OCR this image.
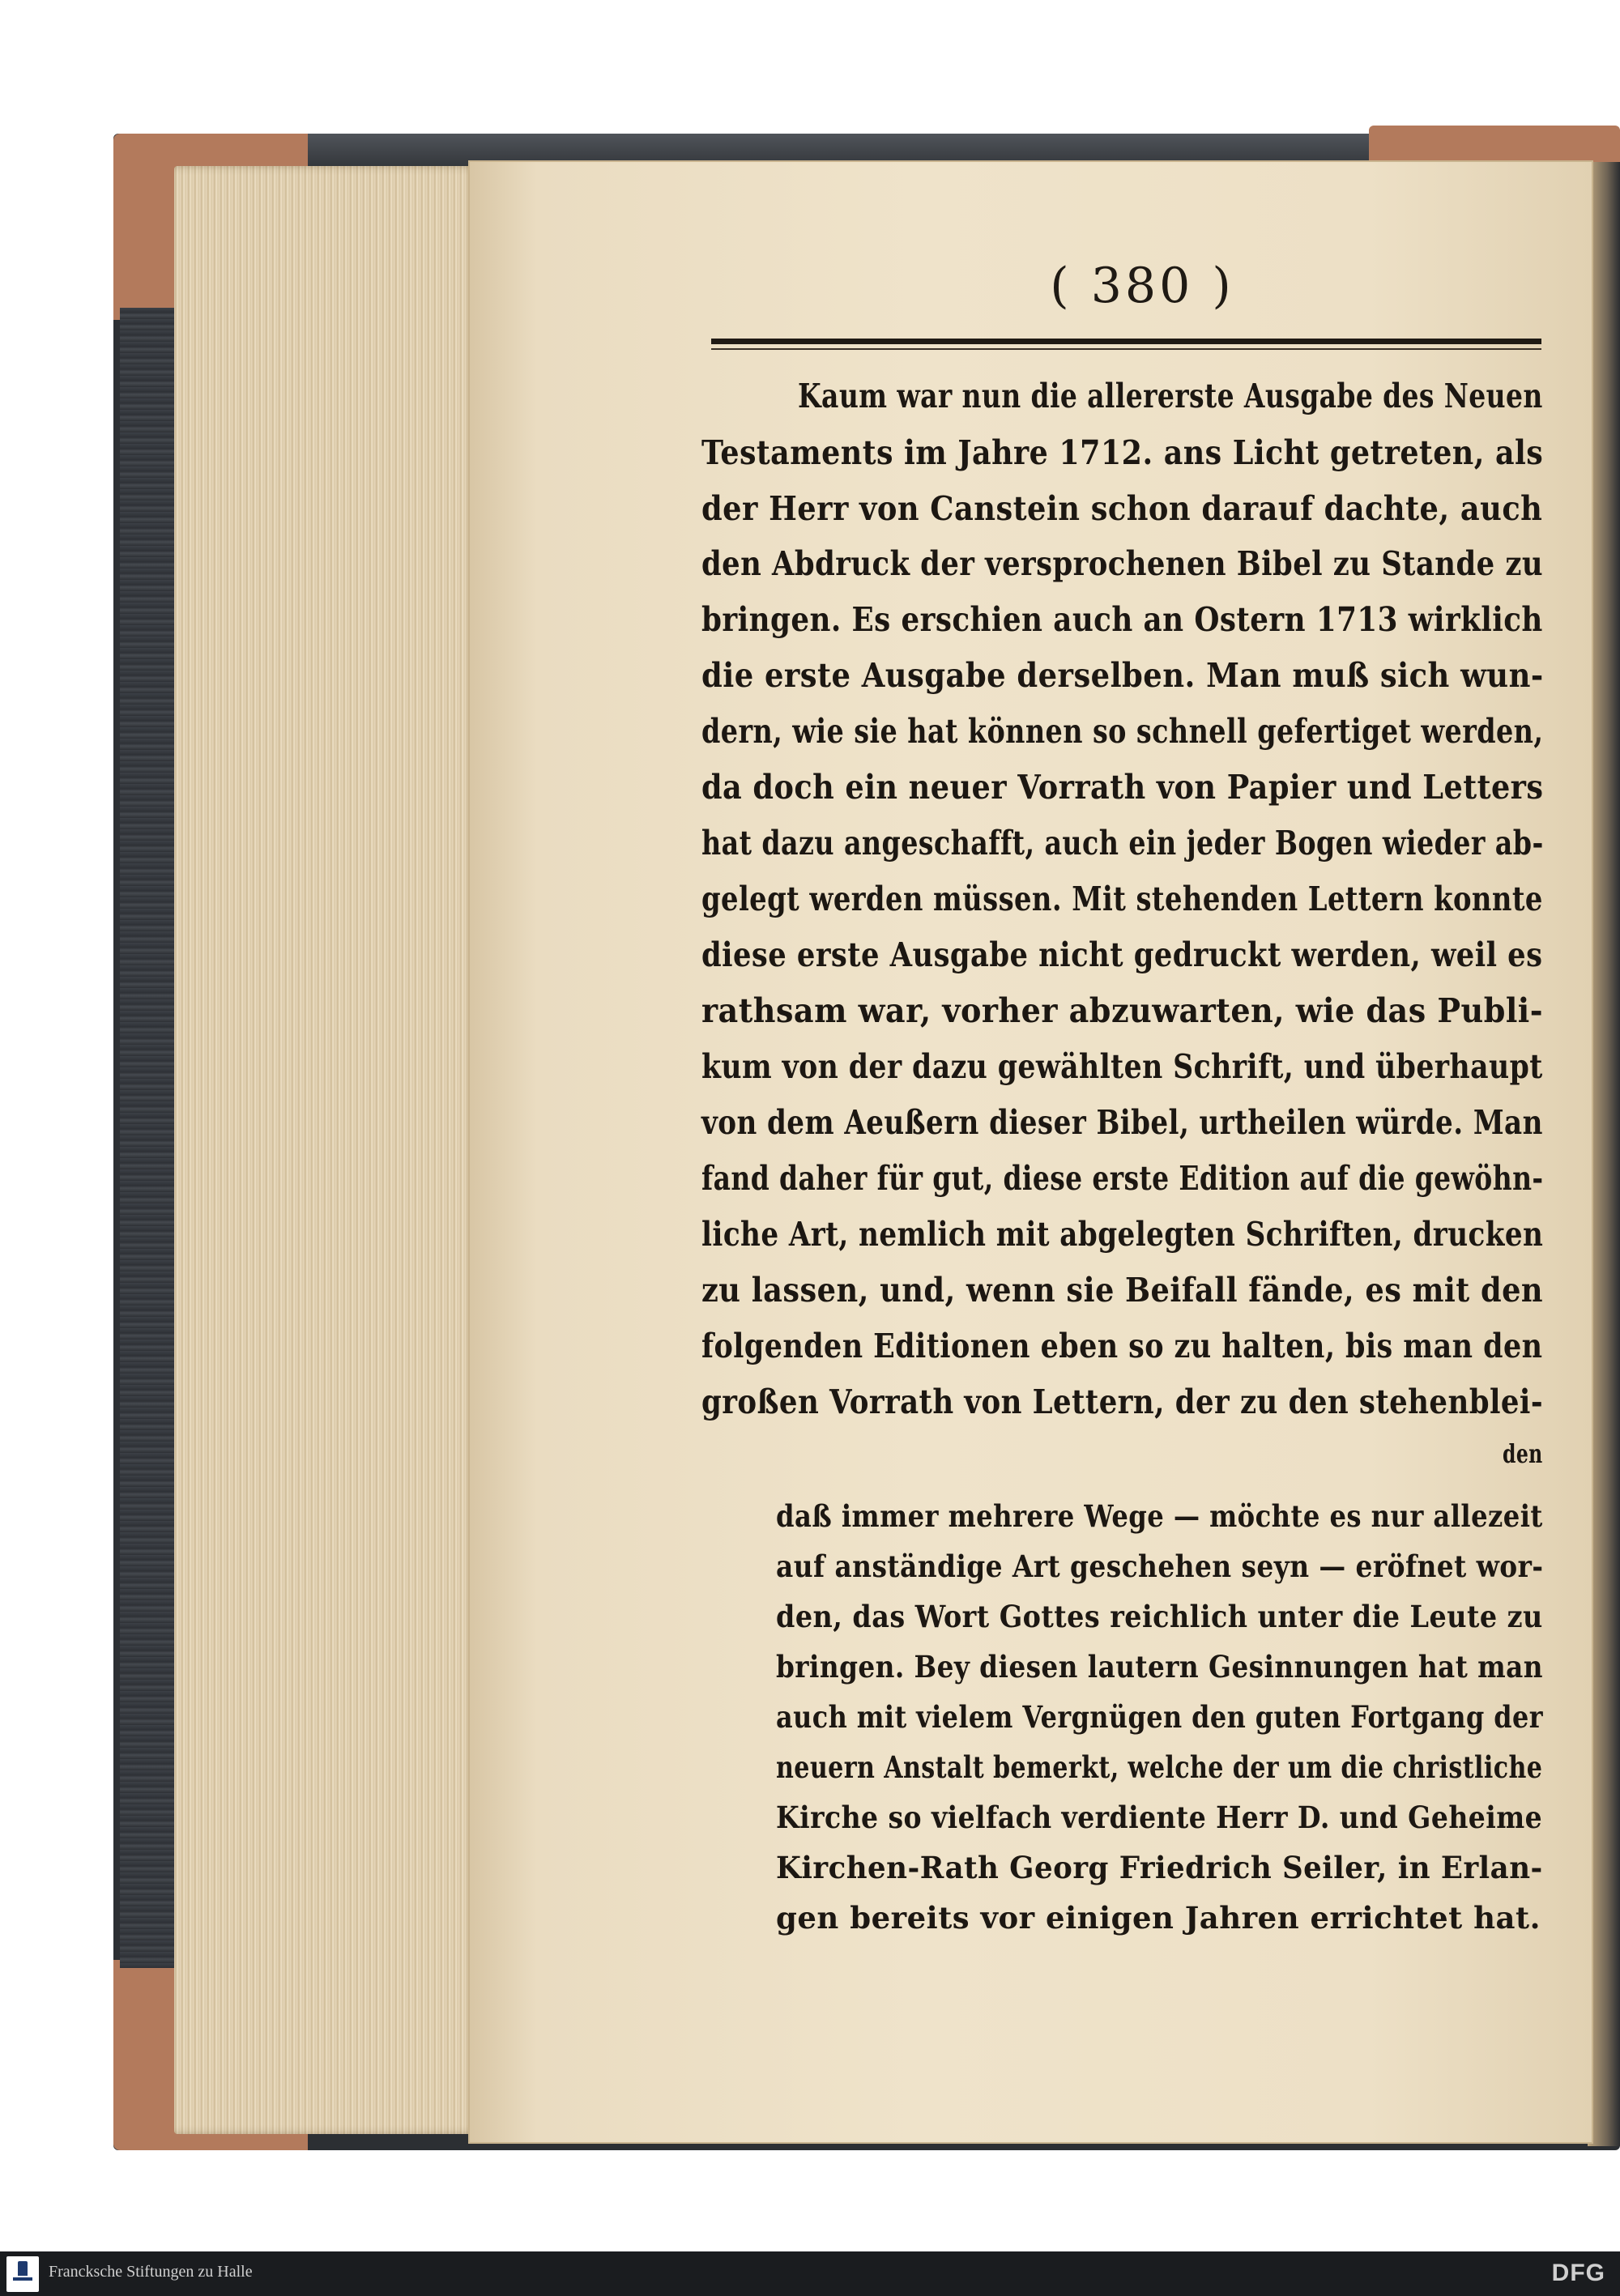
( 380 )
Kaum war nun die allererste Ausgabe des Neuen
Testaments im Jahre 1712. ans Licht getreten, als
der Herr von Canstein schon darauf dachte, auch
den Abdruck der versprochenen Bibel zu Stande zu
bringen. Es erschien auch an Ostern 1713 wirklich
die erste Ausgabe derselben. Man muß sich wun-
dern, wie sie hat können so schnell gefertiget werden,
da doch ein neuer Vorrath von Papier und Letters
hat dazu angeschafft, auch ein jeder Bogen wieder ab-
gelegt werden müssen. Mit stehenden Lettern konnte
diese erste Ausgabe nicht gedruckt werden, weil es
rathsam war, vorher abzuwarten, wie das Publi-
kum von der dazu gewählten Schrift, und überhaupt
von dem Aeußern dieser Bibel, urtheilen würde. Man
fand daher für gut, diese erste Edition auf die gewöhn-
liche Art, nemlich mit abgelegten Schriften, drucken
zu lassen, und, wenn sie Beifall fände, es mit den
folgenden Editionen eben so zu halten, bis man den
großen Vorrath von Lettern, der zu den stehenblei-
den
daß immer mehrere Wege — möchte es nur allezeit
auf anständige Art geschehen seyn — eröfnet wor-
den, das Wort Gottes reichlich unter die Leute zu
bringen. Bey diesen lautern Gesinnungen hat man
auch mit vielem Vergnügen den guten Fortgang der
neuern Anstalt bemerkt, welche der um die christliche
Kirche so vielfach verdiente Herr D. und Geheime
Kirchen-Rath Georg Friedrich Seiler, in Erlan-
gen bereits vor einigen Jahren errichtet hat.
Francksche Stiftungen zu Halle	DFG
